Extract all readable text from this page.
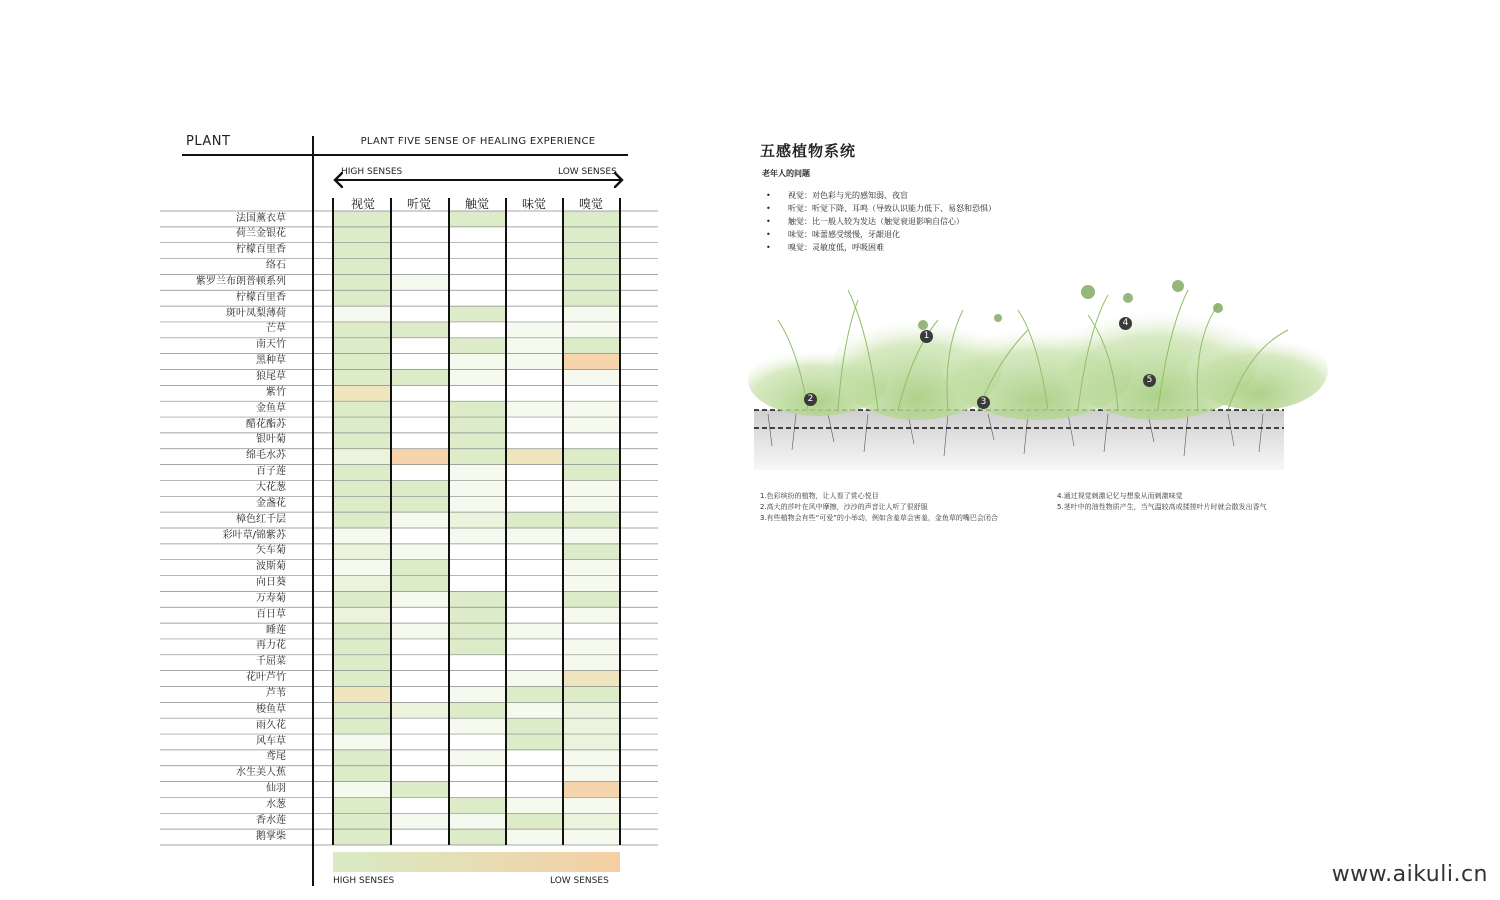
PLANT	PLANT FIVE SENSE OF HEALING EXPERIENCE
HIGH SENSES	LOW SENSES
视觉	听觉	触觉	味觉	嗅觉
法国薰衣草
荷兰金银花
柠檬百里香
络石
紫罗兰布朗普顿系列
柠檬百里香
斑叶凤梨薄荷
芒草
南天竹
黑种草
狼尾草
紫竹
金鱼草
醋花酯苏
银叶菊
绵毛水苏
百子莲
大花葱
金盏花
樟色红千层
彩叶草/锦紫苏
矢车菊
波斯菊
向日葵
万寿菊
百日草
睡莲
再力花
千屈菜
花叶芦竹
芦苇
梭鱼草
雨久花
风车草
鸢尾
水生美人蕉
仙羽
水葱
香水莲
鹅掌柴
HIGH SENSES	LOW SENSES
五感植物系统
老年人的问题
• 视觉：对色彩与光的感知弱、夜盲
• 听觉：听觉下降、耳鸣（导致认识能力低下、易怒和恐惧）
• 触觉：比一般人较为发达（触觉衰退影响自信心）
• 味觉：味蕾感受缓慢，牙龈退化
• 嗅觉：灵敏度低，呼吸困难
1
2	3
4
5
1.色彩缤纷的植物，让人看了赏心悦目
2.高大的莎叶在风中摩擦，沙沙的声音让人听了很舒服
3.有些植物会有些“可爱”的小举动，例如含羞草会害羞，金鱼草的嘴巴会闭合
4.通过视觉刺激记忆与想象从而刺激味觉
5.茎叶中的油性物质产生，当气温较高或揉搓叶片时就会散发出香气
www.aikuli.cn
